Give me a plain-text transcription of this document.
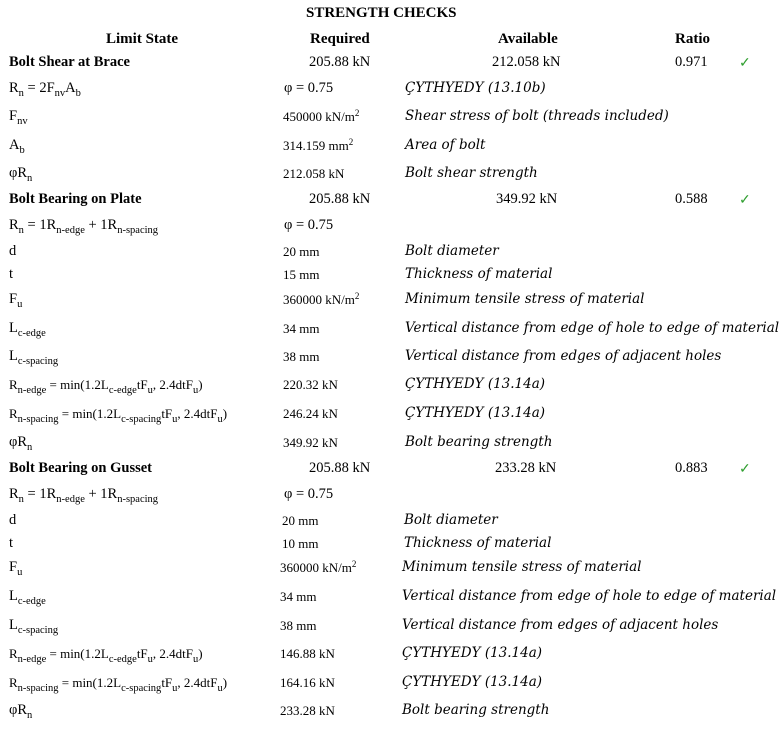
STRENGTH CHECKS
Limit State	Required	Available	Ratio
Bolt Shear at Brace	205.88 kN	212.058 kN	0.971 ✓
$R_n = 2F_{nv}A_b$	φ = 0.75	ÇYTHYEDY (13.10b)
$F_{nv}$	450000 $kN/m^2$	Shear stress of bolt (threads included)
$A_b$	314.159 $mm^2$	Area of bolt
$\varphi R_n$	212.058 kN	Bolt shear strength
Bolt Bearing on Plate	205.88 kN	349.92 kN	0.588 ✓
$R_n = 1R_{n-edge} + 1R_{n-spacing}$	φ = 0.75
d	20 mm	Bolt diameter
t	15 mm	Thickness of material
$F_u$	360000 $kN/m^2$	Minimum tensile stress of material
$L_{c-edge}$	34 mm	Vertical distance from edge of hole to edge of material
$L_{c-spacing}$	38 mm	Vertical distance from edges of adjacent holes
$R_{n-edge} = \min(1.2L_{c-edge}tF_u$, 2.4dtF$_u$)	220.32 kN	ÇYTHYEDY (13.14a)
$R_{n-spacing} = \min(1.2L_{c-spacing}tF_u$, 2.4dtF$_u$)	246.24 kN	ÇYTHYEDY (13.14a)
$\varphi R_n$	349.92 kN	Bolt bearing strength
Bolt Bearing on Gusset	205.88 kN	233.28 kN	0.883 ✓
$R_n = 1R_{n-edge} + 1R_{n-spacing}$	φ = 0.75
d	20 mm	Bolt diameter
t	10 mm	Thickness of material
$F_u$	360000 $kN/m^2$	Minimum tensile stress of material
$L_{c-edge}$	34 mm	Vertical distance from edge of hole to edge of material
$L_{c-spacing}$	38 mm	Vertical distance from edges of adjacent holes
$R_{n-edge} = \min(1.2L_{c-edge}tF_u$, 2.4dtF$_u$)	146.88 kN	ÇYTHYEDY (13.14a)
$R_{n-spacing} = \min(1.2L_{c-spacing}tF_u$, 2.4dtF$_u$)	164.16 kN	ÇYTHYEDY (13.14a)
$\varphi R_n$	233.28 kN	Bolt bearing strength
